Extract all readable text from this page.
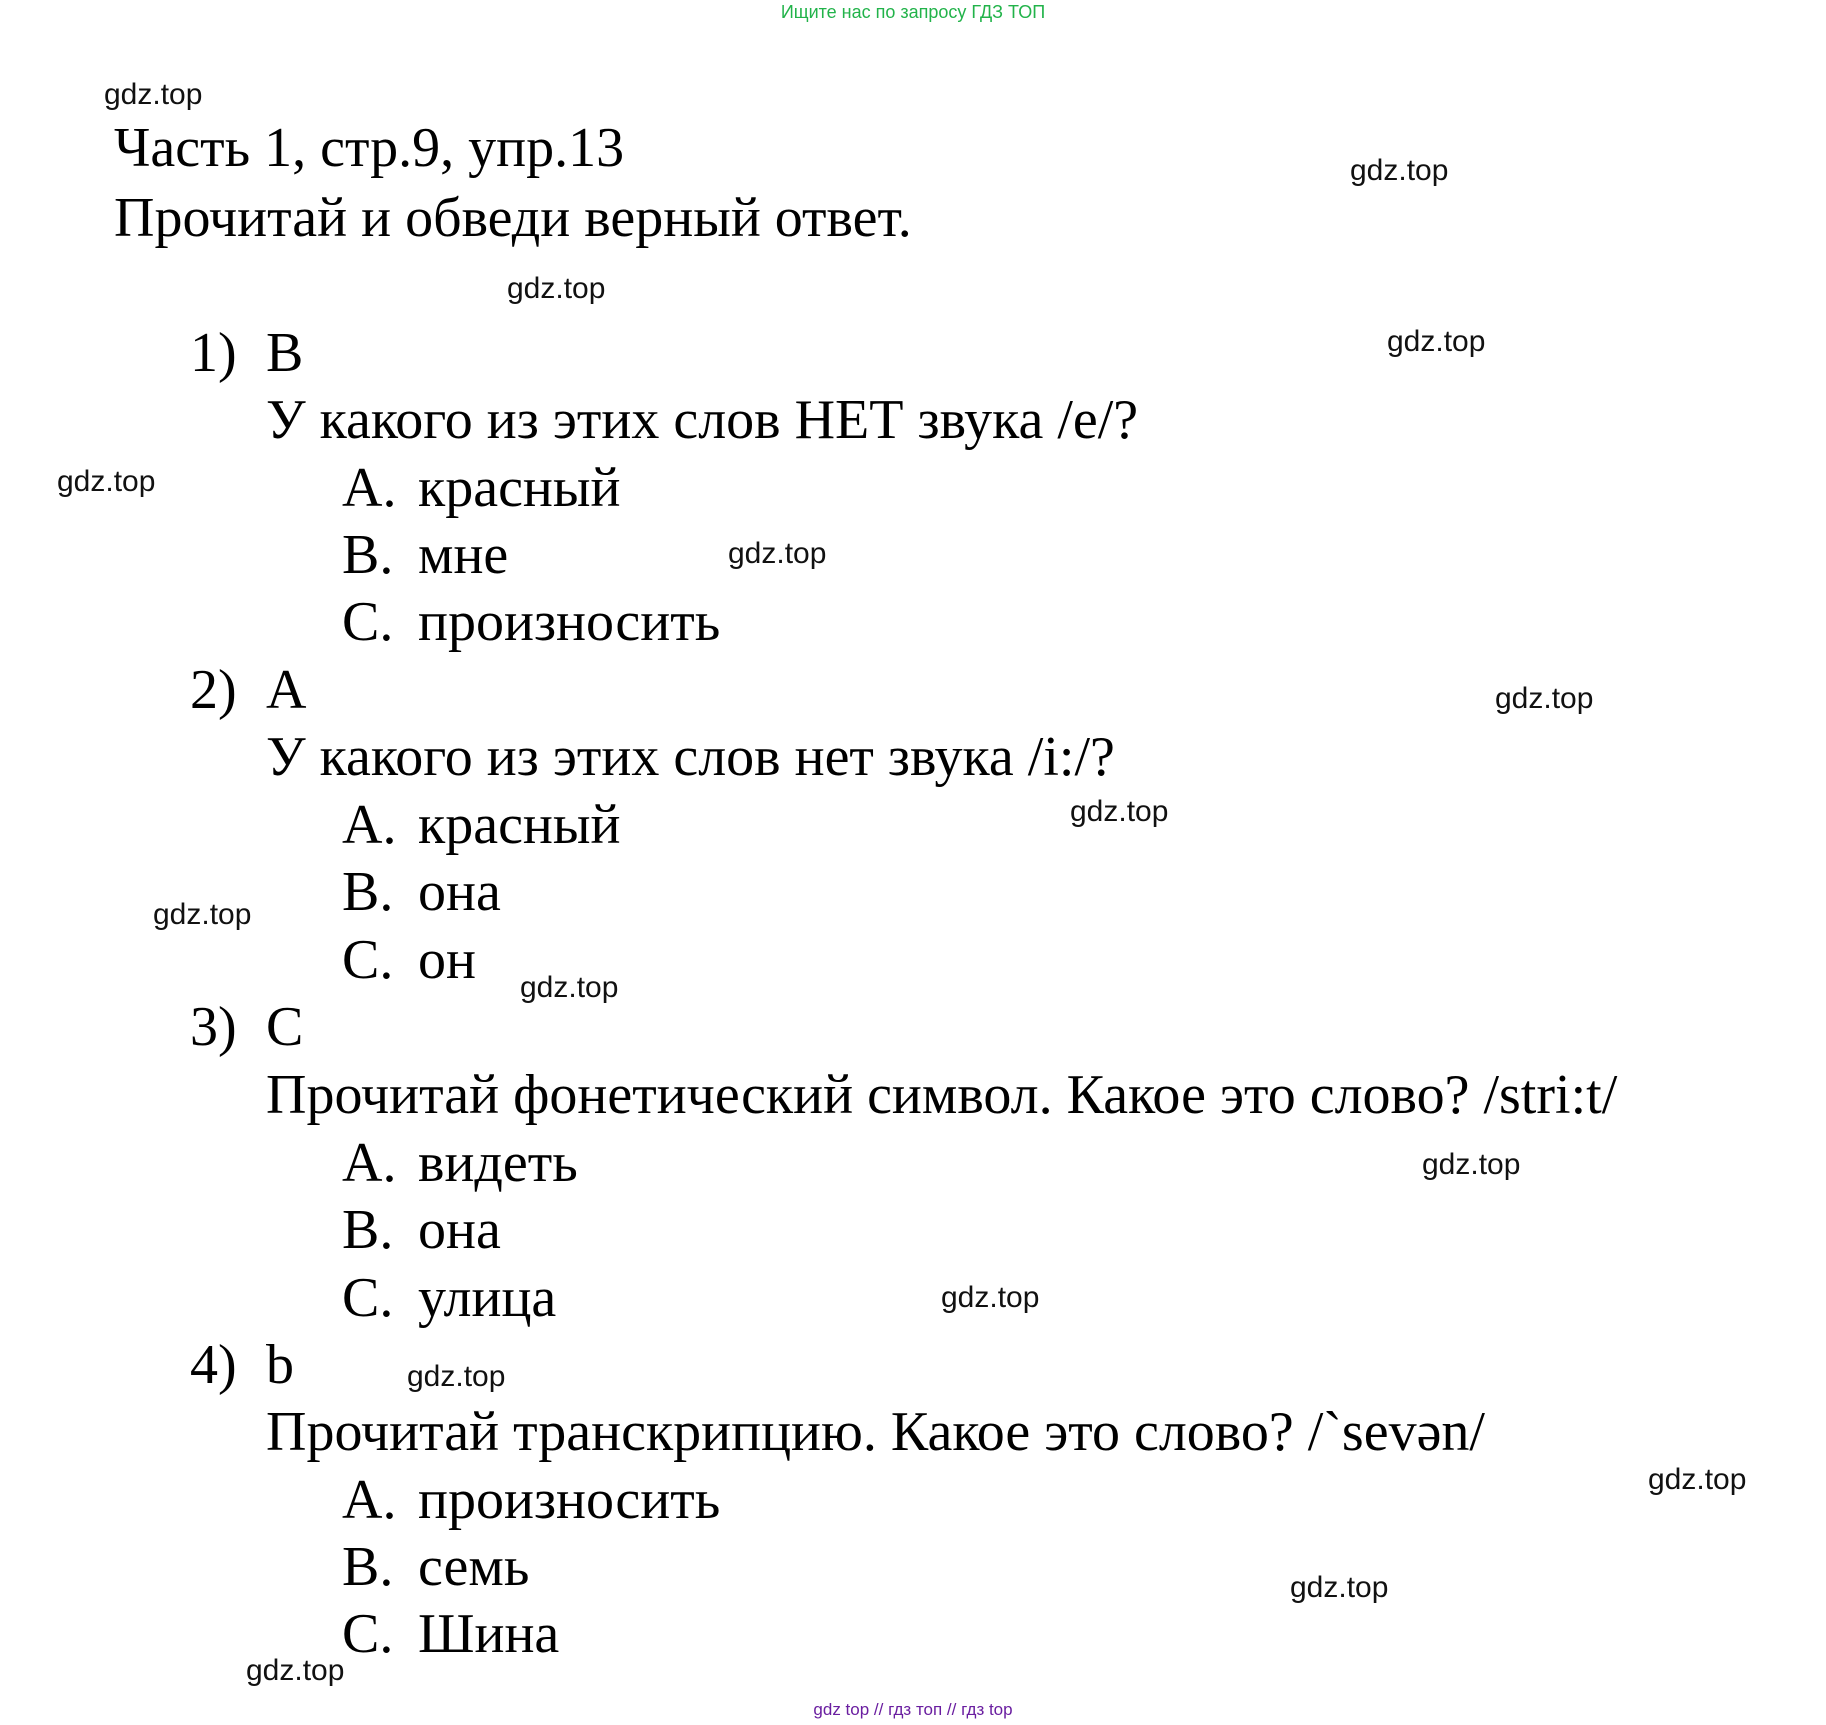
Ищите нас по запросу ГДЗ ТОП
Часть 1, стр.9, упр.13
Прочитай и обведи верный ответ.
1) B
У какого из этих слов НЕТ звука /e/?
A. красный
B. мне
C. произносить
2) A
У какого из этих слов нет звука /i:/?
A. красный
B. она
C. он
3) C
Прочитай фонетический символ. Какое это слово? /stri:t/
A. видеть
B. она
C. улица
4) b
Прочитай транскрипцию. Какое это слово? /`sevən/
A. произносить
B. семь
C. Шина
gdz.top
gdz.top
gdz.top
gdz.top
gdz.top
gdz.top
gdz.top
gdz.top
gdz.top
gdz.top
gdz.top
gdz.top
gdz.top
gdz.top
gdz.top
gdz.top
gdz top // гдз топ // гдз top
